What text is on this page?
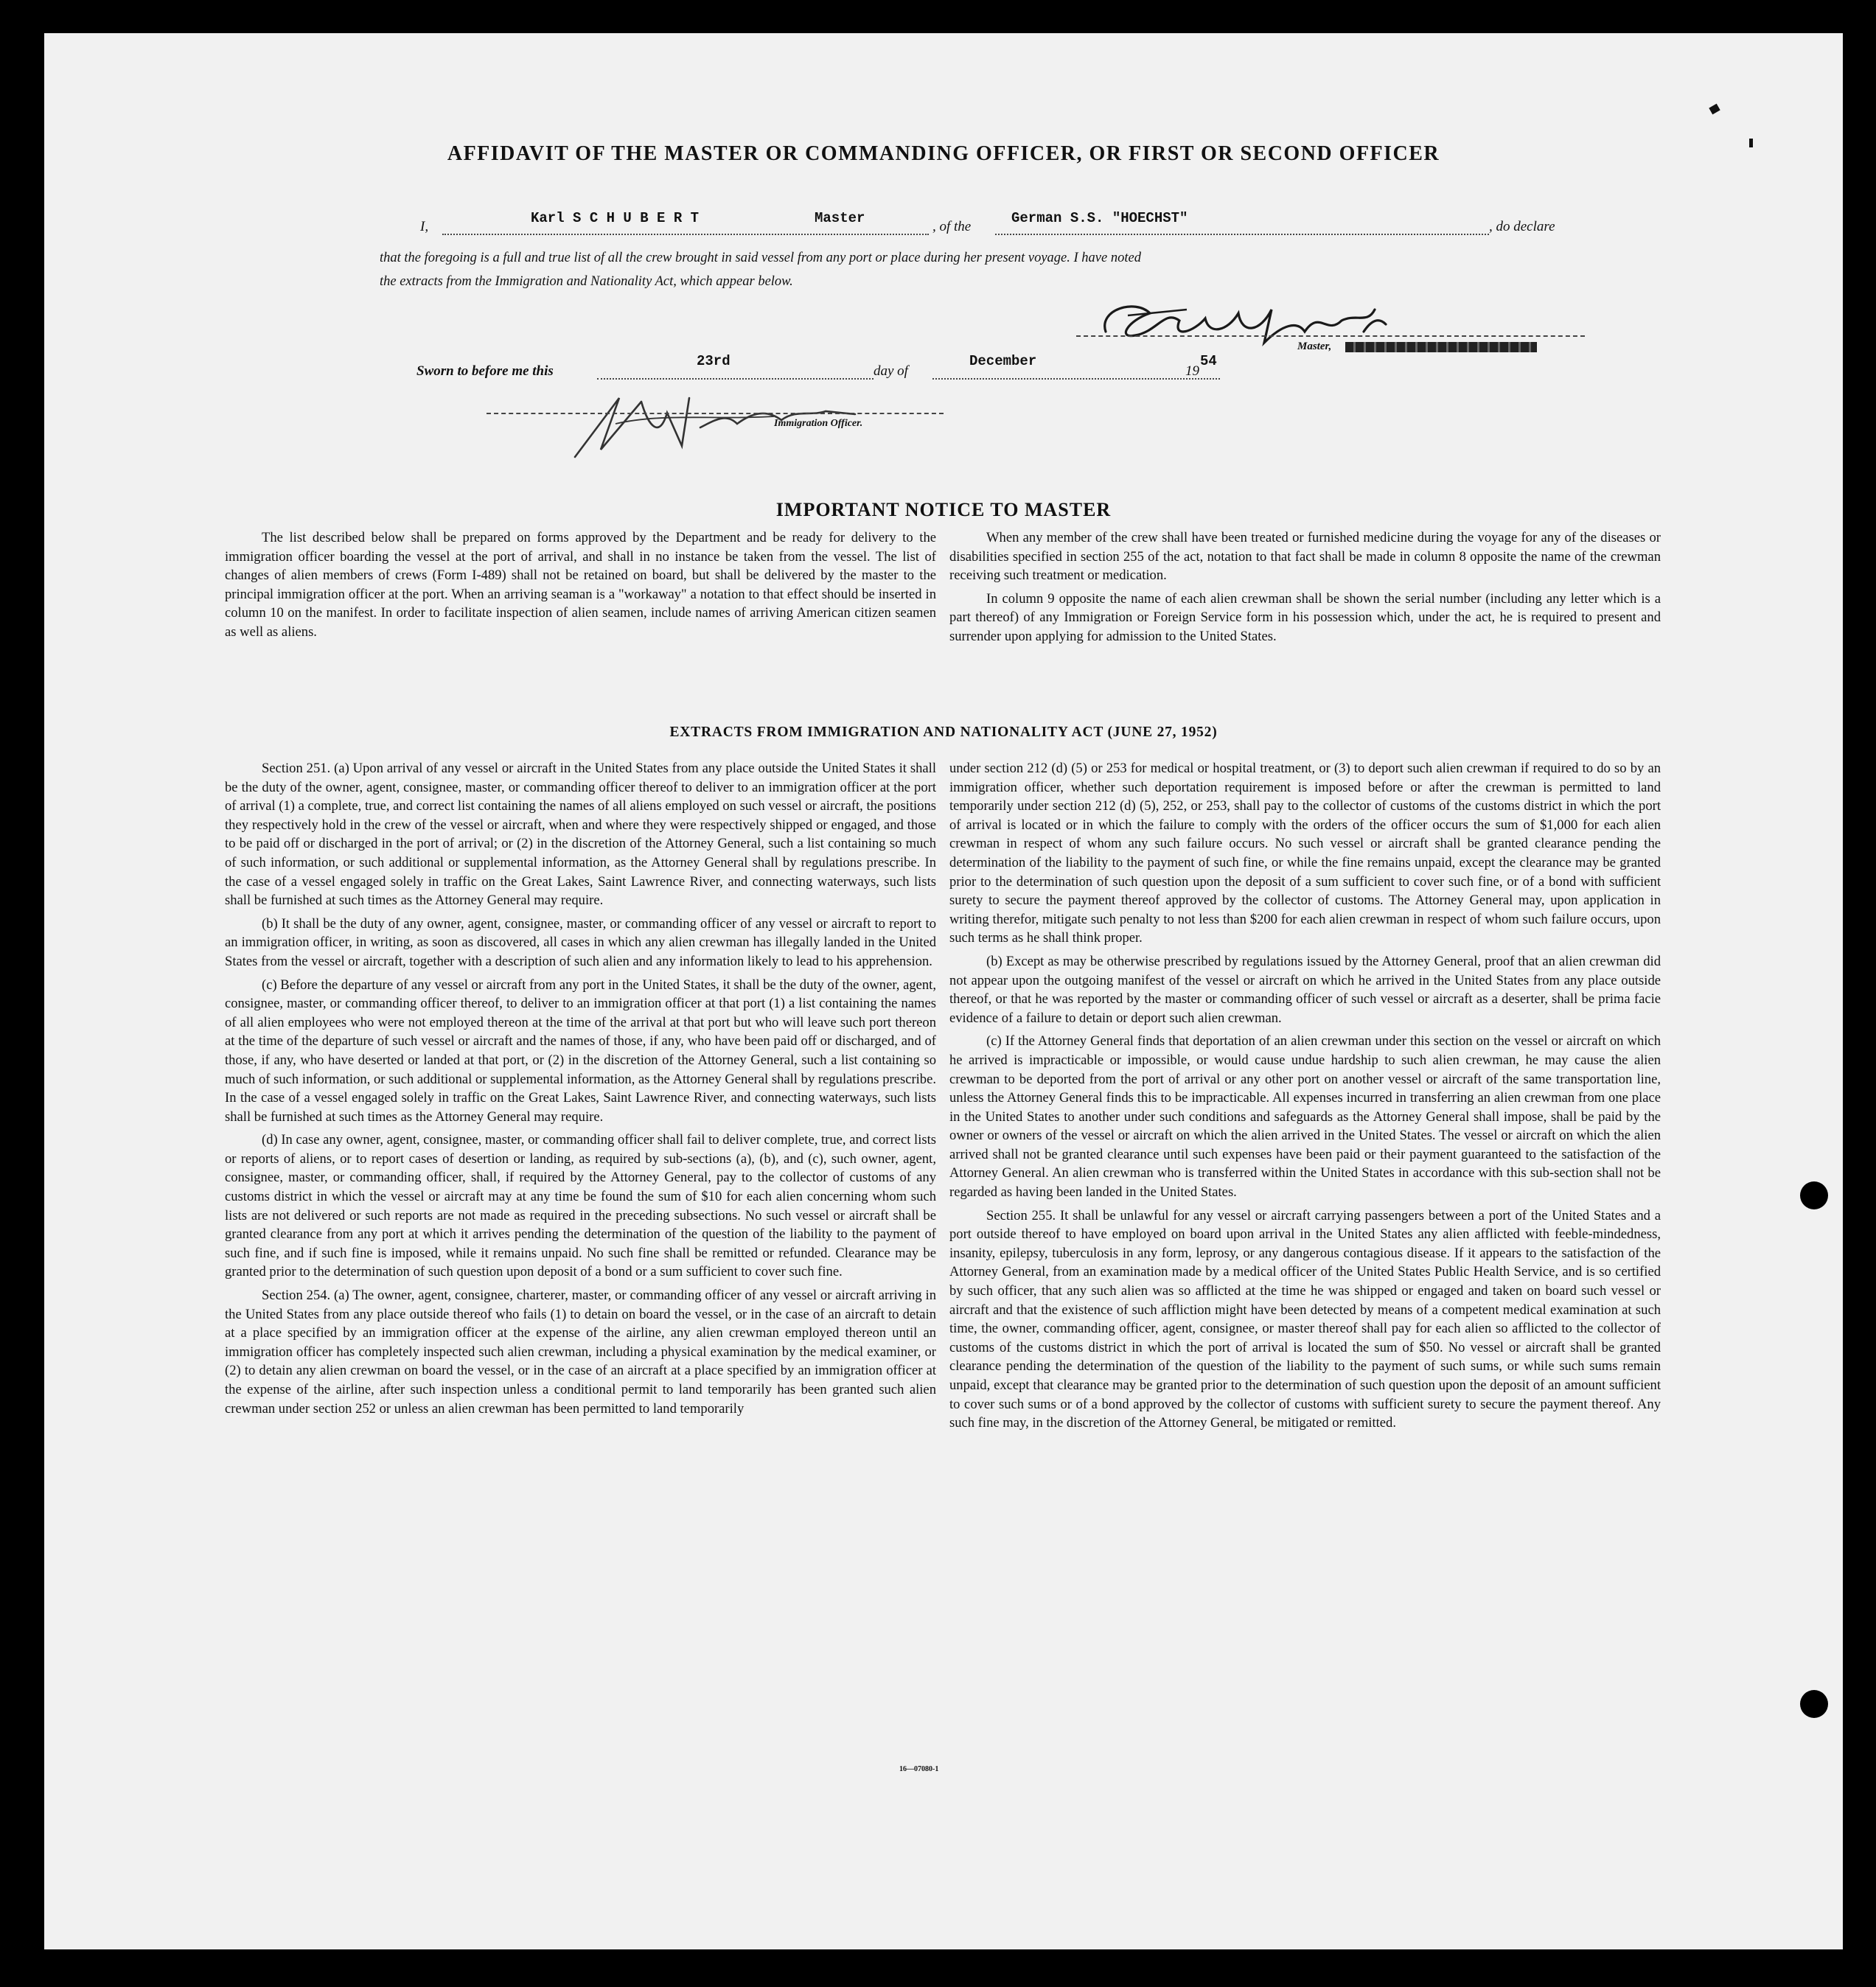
AFFIDAVIT OF THE MASTER OR COMMANDING OFFICER, OR FIRST OR SECOND OFFICER
I,
Karl S C H U B E R T	Master
, of the
German S.S. "HOECHST"
, do declare
that the foregoing is a full and true list of all the crew brought in said vessel from any port or place during her present voyage. I have noted
the extracts from the Immigration and Nationality Act, which appear below.
Master,
Sworn to before me this
23rd
day of
December
19
54
Immigration Officer.
IMPORTANT NOTICE TO MASTER

The list described below shall be prepared on forms approved by the Department and be ready for delivery to the immigration officer boarding the vessel at the port of arrival, and shall in no instance be taken from the vessel. The list of changes of alien members of crews (Form I-489) shall not be retained on board, but shall be delivered by the master to the principal immigration officer at the port. When an arriving seaman is a "workaway" a notation to that effect should be inserted in column 10 on the manifest. In order to facilitate inspection of alien seamen, include names of arriving American citizen seamen as well as aliens.

When any member of the crew shall have been treated or furnished medicine during the voyage for any of the diseases or disabilities specified in section 255 of the act, notation to that fact shall be made in column 8 opposite the name of the crewman receiving such treatment or medication.

In column 9 opposite the name of each alien crewman shall be shown the serial number (including any letter which is a part thereof) of any Immigration or Foreign Service form in his possession which, under the act, he is required to present and surrender upon applying for admission to the United States.

EXTRACTS FROM IMMIGRATION AND NATIONALITY ACT (JUNE 27, 1952)

Section 251. (a) Upon arrival of any vessel or aircraft in the United States from any place outside the United States it shall be the duty of the owner, agent, consignee, master, or commanding officer thereof to deliver to an immigration officer at the port of arrival (1) a complete, true, and correct list containing the names of all aliens employed on such vessel or aircraft, the positions they respectively hold in the crew of the vessel or aircraft, when and where they were respectively shipped or engaged, and those to be paid off or discharged in the port of arrival; or (2) in the discretion of the Attorney General, such a list containing so much of such information, or such additional or supplemental information, as the Attorney General shall by regulations prescribe. In the case of a vessel engaged solely in traffic on the Great Lakes, Saint Lawrence River, and connecting waterways, such lists shall be furnished at such times as the Attorney General may require.

(b) It shall be the duty of any owner, agent, consignee, master, or commanding officer of any vessel or aircraft to report to an immigration officer, in writing, as soon as discovered, all cases in which any alien crewman has illegally landed in the United States from the vessel or aircraft, together with a description of such alien and any information likely to lead to his apprehension.

(c) Before the departure of any vessel or aircraft from any port in the United States, it shall be the duty of the owner, agent, consignee, master, or commanding officer thereof, to deliver to an immigration officer at that port (1) a list containing the names of all alien employees who were not employed thereon at the time of the arrival at that port but who will leave such port thereon at the time of the departure of such vessel or aircraft and the names of those, if any, who have been paid off or discharged, and of those, if any, who have deserted or landed at that port, or (2) in the discretion of the Attorney General, such a list containing so much of such information, or such additional or supplemental information, as the Attorney General shall by regulations prescribe. In the case of a vessel engaged solely in traffic on the Great Lakes, Saint Lawrence River, and connecting waterways, such lists shall be furnished at such times as the Attorney General may require.

(d) In case any owner, agent, consignee, master, or commanding officer shall fail to deliver complete, true, and correct lists or reports of aliens, or to report cases of desertion or landing, as required by sub-sections (a), (b), and (c), such owner, agent, consignee, master, or commanding officer, shall, if required by the Attorney General, pay to the collector of customs of any customs district in which the vessel or aircraft may at any time be found the sum of $10 for each alien concerning whom such lists are not delivered or such reports are not made as required in the preceding subsections. No such vessel or aircraft shall be granted clearance from any port at which it arrives pending the determination of the question of the liability to the payment of such fine, and if such fine is imposed, while it remains unpaid. No such fine shall be remitted or refunded. Clearance may be granted prior to the determination of such question upon deposit of a bond or a sum sufficient to cover such fine.

Section 254. (a) The owner, agent, consignee, charterer, master, or commanding officer of any vessel or aircraft arriving in the United States from any place outside thereof who fails (1) to detain on board the vessel, or in the case of an aircraft to detain at a place specified by an immigration officer at the expense of the airline, any alien crewman employed thereon until an immigration officer has completely inspected such alien crewman, including a physical examination by the medical examiner, or (2) to detain any alien crewman on board the vessel, or in the case of an aircraft at a place specified by an immigration officer at the expense of the airline, after such inspection unless a conditional permit to land temporarily has been granted such alien crewman under section 252 or unless an alien crewman has been permitted to land temporarily

under section 212 (d) (5) or 253 for medical or hospital treatment, or (3) to deport such alien crewman if required to do so by an immigration officer, whether such deportation requirement is imposed before or after the crewman is permitted to land temporarily under section 212 (d) (5), 252, or 253, shall pay to the collector of customs of the customs district in which the port of arrival is located or in which the failure to comply with the orders of the officer occurs the sum of $1,000 for each alien crewman in respect of whom any such failure occurs. No such vessel or aircraft shall be granted clearance pending the determination of the liability to the payment of such fine, or while the fine remains unpaid, except the clearance may be granted prior to the determination of such question upon the deposit of a sum sufficient to cover such fine, or of a bond with sufficient surety to secure the payment thereof approved by the collector of customs. The Attorney General may, upon application in writing therefor, mitigate such penalty to not less than $200 for each alien crewman in respect of whom such failure occurs, upon such terms as he shall think proper.

(b) Except as may be otherwise prescribed by regulations issued by the Attorney General, proof that an alien crewman did not appear upon the outgoing manifest of the vessel or aircraft on which he arrived in the United States from any place outside thereof, or that he was reported by the master or commanding officer of such vessel or aircraft as a deserter, shall be prima facie evidence of a failure to detain or deport such alien crewman.

(c) If the Attorney General finds that deportation of an alien crewman under this section on the vessel or aircraft on which he arrived is impracticable or impossible, or would cause undue hardship to such alien crewman, he may cause the alien crewman to be deported from the port of arrival or any other port on another vessel or aircraft of the same transportation line, unless the Attorney General finds this to be impracticable. All expenses incurred in transferring an alien crewman from one place in the United States to another under such conditions and safeguards as the Attorney General shall impose, shall be paid by the owner or owners of the vessel or aircraft on which the alien arrived in the United States. The vessel or aircraft on which the alien arrived shall not be granted clearance until such expenses have been paid or their payment guaranteed to the satisfaction of the Attorney General. An alien crewman who is transferred within the United States in accordance with this sub-section shall not be regarded as having been landed in the United States.

Section 255. It shall be unlawful for any vessel or aircraft carrying passengers between a port of the United States and a port outside thereof to have employed on board upon arrival in the United States any alien afflicted with feeble-mindedness, insanity, epilepsy, tuberculosis in any form, leprosy, or any dangerous contagious disease. If it appears to the satisfaction of the Attorney General, from an examination made by a medical officer of the United States Public Health Service, and is so certified by such officer, that any such alien was so afflicted at the time he was shipped or engaged and taken on board such vessel or aircraft and that the existence of such affliction might have been detected by means of a competent medical examination at such time, the owner, commanding officer, agent, consignee, or master thereof shall pay for each alien so afflicted to the collector of customs of the customs district in which the port of arrival is located the sum of $50. No vessel or aircraft shall be granted clearance pending the determination of the question of the liability to the payment of such sums, or while such sums remain unpaid, except that clearance may be granted prior to the determination of such question upon the deposit of an amount sufficient to cover such sums or of a bond approved by the collector of customs with sufficient surety to secure the payment thereof. Any such fine may, in the discretion of the Attorney General, be mitigated or remitted.

16—07080-1
